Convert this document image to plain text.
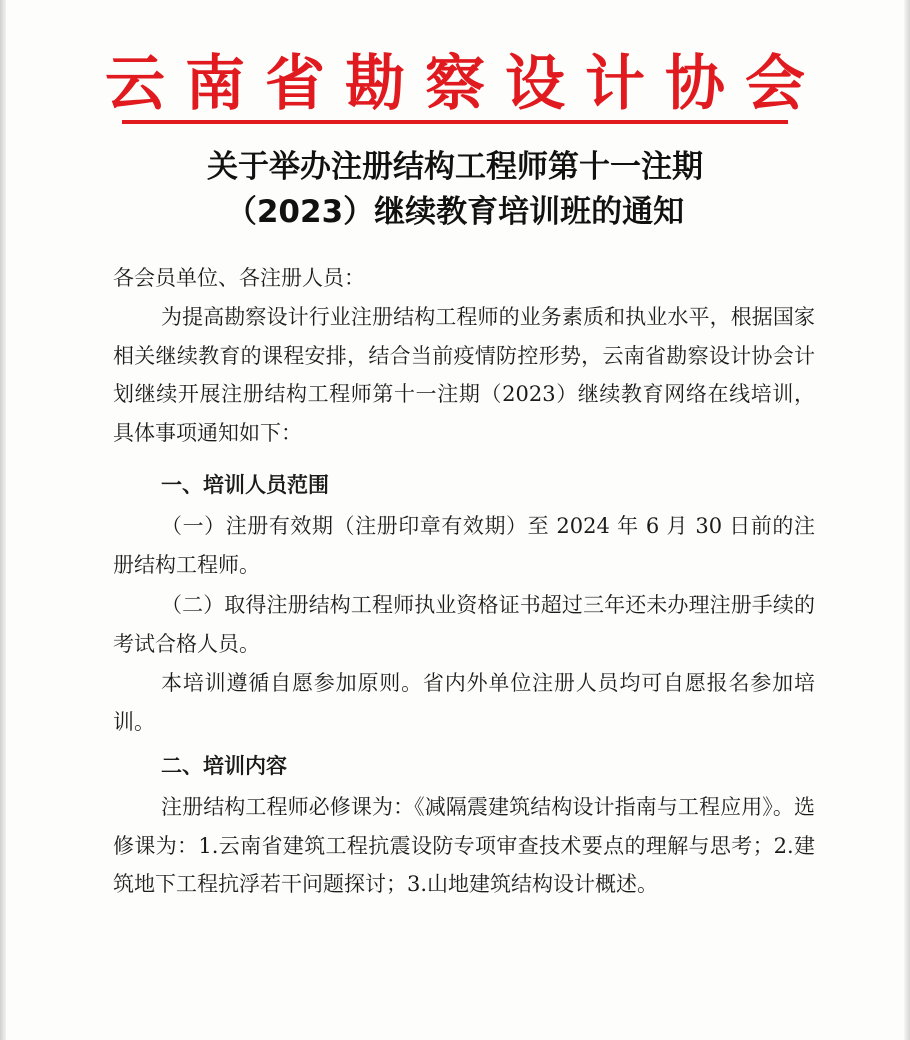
云南省勘察设计协会
关于举办注册结构工程师第十一注期
（2023）继续教育培训班的通知
各会员单位、各注册人员：
为提高勘察设计行业注册结构工程师的业务素质和执业水平，根据国家相关继续教育的课程安排，结合当前疫情防控形势，云南省勘察设计协会计划继续开展注册结构工程师第十一注期（2023）继续教育网络在线培训，具体事项通知如下：
一、培训人员范围
（一）注册有效期（注册印章有效期）至 2024 年 6 月 30 日前的注册结构工程师。
（二）取得注册结构工程师执业资格证书超过三年还未办理注册手续的考试合格人员。
本培训遵循自愿参加原则。省内外单位注册人员均可自愿报名参加培训。
二、培训内容
注册结构工程师必修课为：《减隔震建筑结构设计指南与工程应用》。选修课为：1.云南省建筑工程抗震设防专项审查技术要点的理解与思考；2.建筑地下工程抗浮若干问题探讨；3.山地建筑结构设计概述。
